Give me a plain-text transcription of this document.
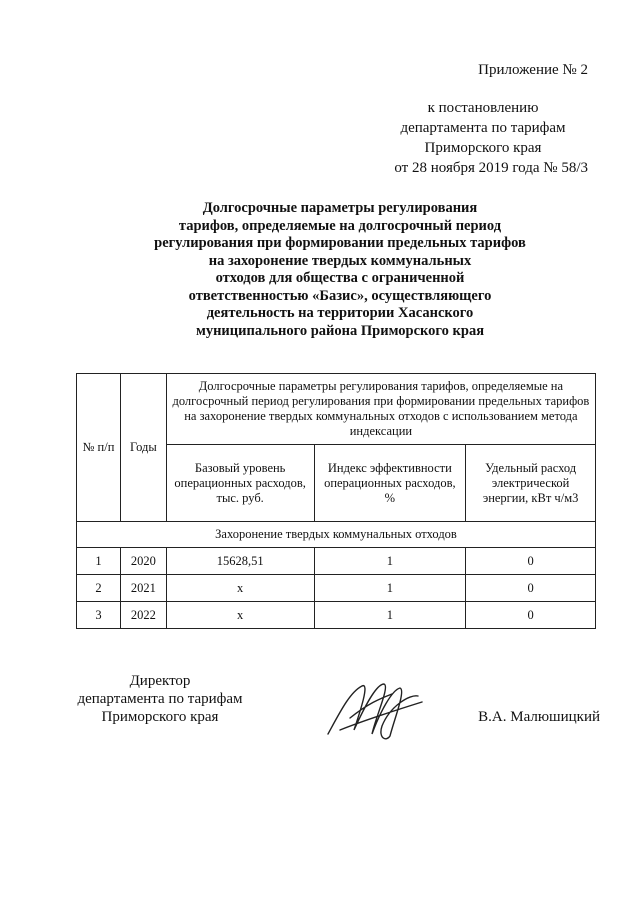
Приложение № 2
к постановлению
департамента по тарифам
Приморского края
от 28 ноября 2019 года № 58/3
Долгосрочные параметры регулирования
тарифов, определяемые на долгосрочный период
регулирования при формировании предельных тарифов
на захоронение твердых коммунальных
отходов для общества с ограниченной
ответственностью «Базис», осуществляющего
деятельность на территории Хасанского
муниципального района Приморского края
№ п/п	Годы	Долгосрочные параметры регулирования тарифов, определяемые на долгосрочный период регулирования при формировании предельных тарифов на захоронение твердых коммунальных отходов с использованием метода индексации		
		Базовый уровень операционных расходов, тыс. руб.	Индекс эффективности операционных расходов, %	Удельный расход электрической энергии, кВт ч/м3
Захоронение твердых коммунальных отходов				
1	2020	15628,51	1	0
2	2021	х	1	0
3	2022	х	1	0
Директор
департамента по тарифам
Приморского края	В.А. Малюшицкий
